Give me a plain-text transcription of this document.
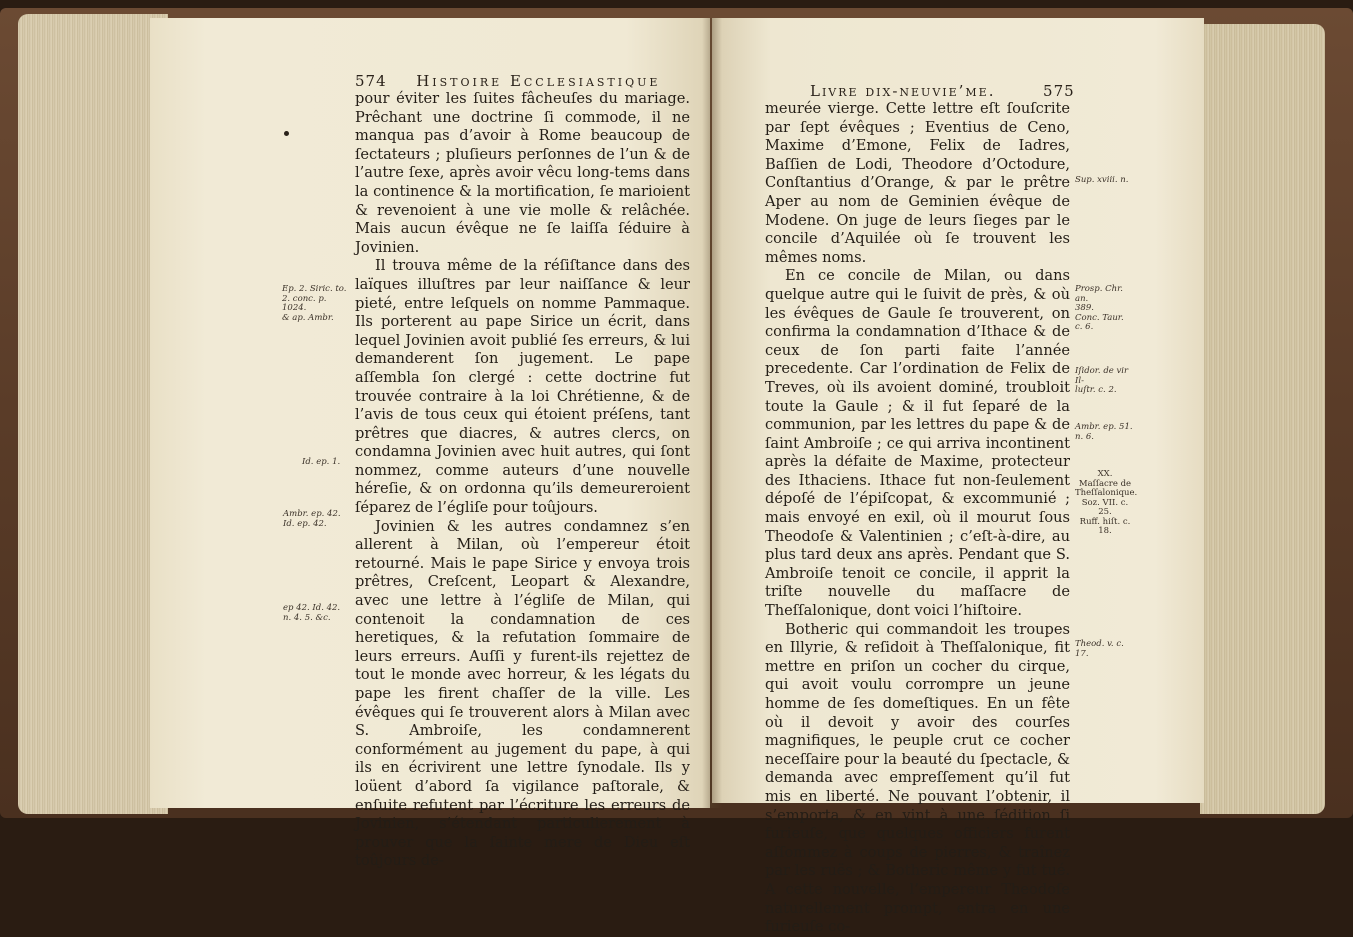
574 Histoire Ecclesiastique

pour éviter les ſuites fâcheuſes du mariage. Prêchant une doctrine ſi commode, il ne manqua pas d’avoir à Rome beaucoup de ſectateurs ; pluſieurs perſonnes de l’un & de l’autre ſexe, après avoir vêcu long-tems dans la continence & la mortification, ſe marioient & revenoient à une vie molle & relâchée. Mais aucun évêque ne ſe laiſſa ſéduire à Jovinien.

Il trouva même de la réſiſtance dans des laïques illuſtres par leur naiſſance & leur pieté, entre leſquels on nomme Pammaque. Ils porterent au pape Sirice un écrit, dans lequel Jovinien avoit publié ſes erreurs, & lui demanderent ſon jugement. Le pape aſſembla ſon clergé : cette doctrine fut trouvée contraire à la loi Chrétienne, & de l’avis de tous ceux qui étoient préſens, tant prêtres que diacres, & autres clercs, on condamna Jovinien avec huit autres, qui ſont nommez, comme auteurs d’une nouvelle héreſie, & on ordonna qu’ils demeureroient ſéparez de l’égliſe pour toûjours.

Jovinien & les autres condamnez s’en allerent à Milan, où l’empereur étoit retourné. Mais le pape Sirice y envoya trois prêtres, Creſcent, Leopart & Alexandre, avec une lettre à l’égliſe de Milan, qui contenoit la condamnation de ces heretiques, & la refutation ſommaire de leurs erreurs. Auſſi y furent-ils rejettez de tout le monde avec horreur, & les légats du pape les firent chaſſer de la ville. Les évêques qui ſe trouverent alors à Milan avec S. Ambroiſe, les condamnerent conformément au jugement du pape, à qui ils en écrivirent une lettre ſynodale. Ils y loüent d’abord ſa vigilance paſtorale, & enſuite refutent par l’écriture les erreurs de Jovinien, s’étendant particulierement à prouver que la ſainte mere de Dieu eſt toûjours de-

Ep. 2. Siric. to.
2. conc. p. 1024.
& ap. Ambr.
Id. ep. 1.
Ambr. ep. 42.
Id. ep. 42.
ep 42. Id. 42.
n. 4. 5. &c.
Livre dix-neuvie’me.	575

meurée vierge. Cette lettre eſt ſouſcrite par ſept évêques ; Eventius de Ceno, Maxime d’Emone, Felix de Iadres, Baſſien de Lodi, Theodore d’Octodure, Conſtantius d’Orange, & par le prêtre Aper au nom de Geminien évêque de Modene. On juge de leurs ſieges par le concile d’Aquilée où ſe trouvent les mêmes noms.

En ce concile de Milan, ou dans quelque autre qui le ſuivit de près, & où les évêques de Gaule ſe trouverent, on confirma la condamnation d’Ithace & de ceux de ſon parti faite l’année precedente. Car l’ordination de Felix de Treves, où ils avoient dominé, troubloit toute la Gaule ; & il fut ſeparé de la communion, par les lettres du pape & de ſaint Ambroiſe ; ce qui arriva incontinent après la défaite de Maxime, protecteur des Ithaciens. Ithace fut non-ſeulement dépoſé de l’épiſcopat, & excommunié ; mais envoyé en exil, où il mourut ſous Theodoſe & Valentinien ; c’eſt-à-dire, au plus tard deux ans après. Pendant que S. Ambroiſe tenoit ce concile, il apprit la triſte nouvelle du maſſacre de Theſſalonique, dont voici l’hiſtoire.

Botheric qui commandoit les troupes en Illyrie, & reſidoit à Theſſalonique, fit mettre en priſon un cocher du cirque, qui avoit voulu corrompre un jeune homme de ſes domeſtiques. En un fête où il devoit y avoir des courſes magnifiques, le peuple crut ce cocher neceſſaire pour la beauté du ſpectacle, & demanda avec empreſſement qu’il fut mis en liberté. Ne pouvant l’obtenir, il s’emporta, & en vint à une ſédition ſi furieuſe, que quelques officiers furent aſſommez à coups de pierres, & traînez par les ruës ; & Botheric même y fut tué. A cette nouvelle, l’empereur Theodoſe naturellement prompt, entra en une furieuſe co-

Sup. xviii. n.
Prosp. Chr. an.
389.
Conc. Taur. c. 6.
Iſidor. de vir Il-
luſtr. c. 2.
Ambr. ep. 51.
n. 6.
XX.
Maſſacre de
Theſſalonique.
Soz. VII. c. 25.
Ruff. hiſt. c. 18.
Theod. v. c. 17.
